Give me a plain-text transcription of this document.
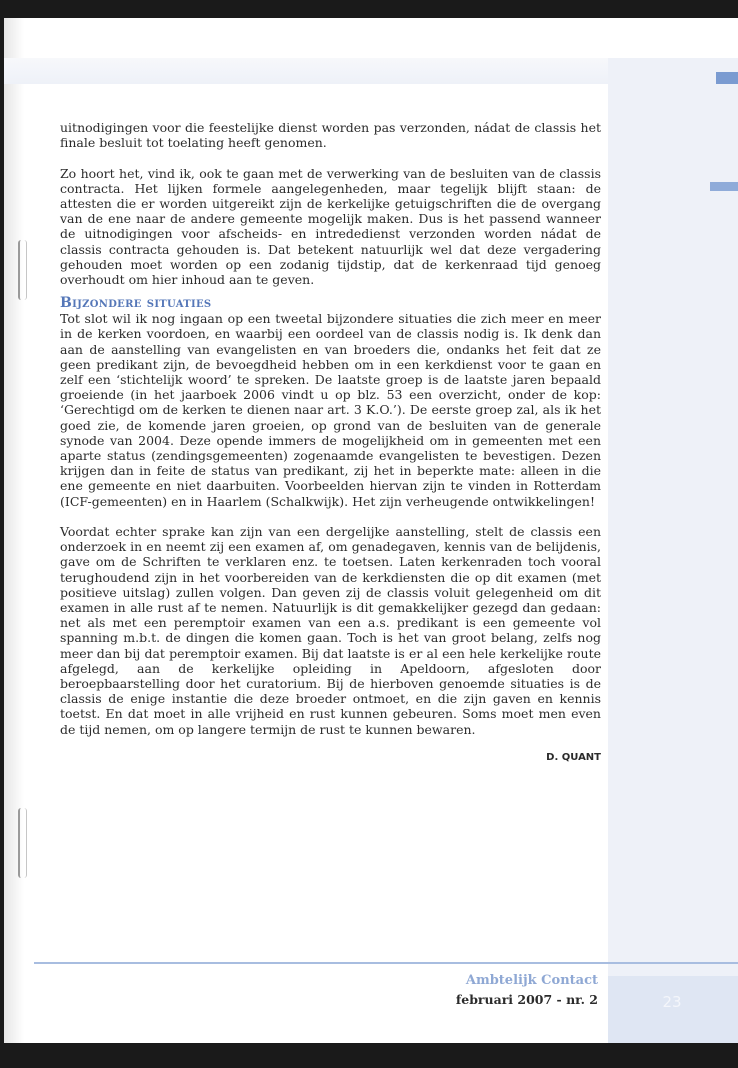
uitnodigingen voor die feestelijke dienst worden pas verzonden, nádat de classis het finale besluit tot toelating heeft genomen.

Zo hoort het, vind ik, ook te gaan met de verwerking van de besluiten van de classis contracta. Het lijken formele aangelegenheden, maar tegelijk blijft staan: de attesten die er worden uitgereikt zijn de kerkelijke getuigschriften die de overgang van de ene naar de andere gemeente mogelijk maken. Dus is het passend wanneer de uitnodigingen voor afscheids- en intrededienst verzonden worden nádat de classis contracta gehouden is. Dat betekent natuurlijk wel dat deze vergadering gehouden moet worden op een zodanig tijdstip, dat de kerkenraad tijd genoeg overhoudt om hier inhoud aan te geven.

Bijzondere situaties

Tot slot wil ik nog ingaan op een tweetal bijzondere situaties die zich meer en meer in de kerken voordoen, en waarbij een oordeel van de classis nodig is. Ik denk dan aan de aanstelling van evangelisten en van broeders die, ondanks het feit dat ze geen predikant zijn, de bevoegdheid hebben om in een kerkdienst voor te gaan en zelf een ‘stichtelijk woord’ te spreken. De laatste groep is de laatste jaren bepaald groeiende (in het jaarboek 2006 vindt u op blz. 53 een overzicht, onder de kop: ‘Gerechtigd om de kerken te dienen naar art. 3 K.O.’). De eerste groep zal, als ik het goed zie, de komende jaren groeien, op grond van de besluiten van de generale synode van 2004. Deze opende immers de mogelijkheid om in gemeenten met een aparte status (zendingsgemeenten) zogenaamde evangelisten te bevestigen. Dezen krijgen dan in feite de status van predikant, zij het in beperkte mate: alleen in die ene gemeente en niet daarbuiten. Voorbeelden hiervan zijn te vinden in Rotterdam (ICF-gemeenten) en in Haarlem (Schalkwijk). Het zijn verheugende ontwikkelingen!

Voordat echter sprake kan zijn van een dergelijke aanstelling, stelt de classis een onderzoek in en neemt zij een examen af, om genadegaven, kennis van de belijdenis, gave om de Schriften te verklaren enz. te toetsen. Laten kerkenraden toch vooral terughoudend zijn in het voorbereiden van de kerkdiensten die op dit examen (met positieve uitslag) zullen volgen. Dan geven zij de classis voluit gelegenheid om dit examen in alle rust af te nemen. Natuurlijk is dit gemakkelijker gezegd dan gedaan: net als met een peremptoir examen van een a.s. predikant is een gemeente vol spanning m.b.t. de dingen die komen gaan. Toch is het van groot belang, zelfs nog meer dan bij dat peremptoir examen. Bij dat laatste is er al een hele kerkelijke route afgelegd, aan de kerkelijke opleiding in Apeldoorn, afgesloten door beroepbaarstelling door het curatorium. Bij de hierboven genoemde situaties is de classis de enige instantie die deze broeder ontmoet, en die zijn gaven en kennis toetst. En dat moet in alle vrijheid en rust kunnen gebeuren. Soms moet men even de tijd nemen, om op langere termijn de rust te kunnen bewaren.

D. QUANT
Ambtelijk Contact
februari 2007 - nr. 2	23
